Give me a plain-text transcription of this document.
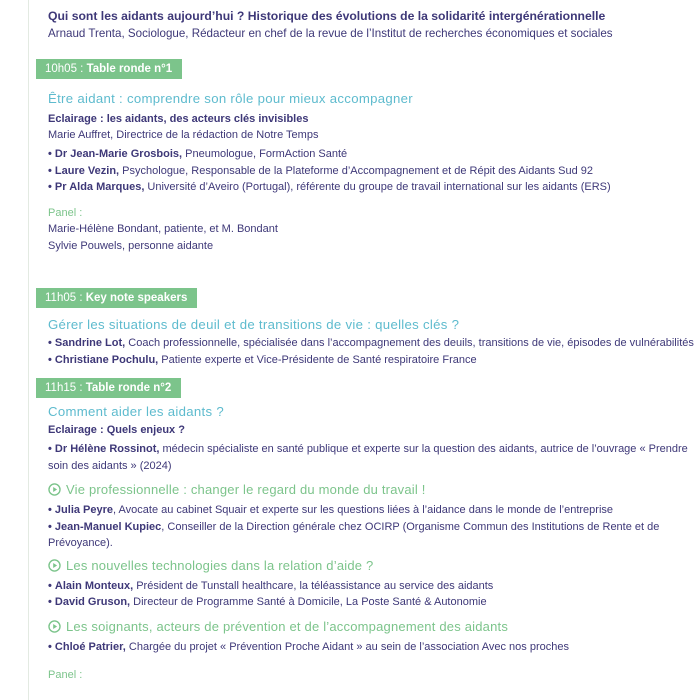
Qui sont les aidants aujourd’hui ? Historique des évolutions de la solidarité intergénérationnelle

Arnaud Trenta, Sociologue, Rédacteur en chef de la revue de l’Institut de recherches économiques et sociales

10h05 : Table ronde n°1
Être aidant : comprendre son rôle pour mieux accompagner

Eclairage : les aidants, des acteurs clés invisibles
Marie Auffret, Directrice de la rédaction de Notre Temps

• Dr Jean-Marie Grosbois, Pneumologue, FormAction Santé
• Laure Vezin, Psychologue, Responsable de la Plateforme d’Accompagnement et de Répit des Aidants Sud 92
• Pr Alda Marques, Université d’Aveiro (Portugal), référente du groupe de travail international sur les aidants (ERS)

Panel :

Marie-Hélène Bondant, patiente, et M. Bondant

Sylvie Pouwels, personne aidante

11h05 : Key note speakers
Gérer les situations de deuil et de transitions de vie : quelles clés ?
• Sandrine Lot, Coach professionnelle, spécialisée dans l’accompagnement des deuils, transitions de vie, épisodes de vulnérabilités
• Christiane Pochulu, Patiente experte et Vice-Présidente de Santé respiratoire France
11h15 : Table ronde n°2
Comment aider les aidants ?

Eclairage : Quels enjeux ?

• Dr Hélène Rossinot, médecin spécialiste en santé publique et experte sur la question des aidants, autrice de l’ouvrage « Prendre soin des aidants » (2024)
Vie professionnelle : changer le regard du monde du travail !
• Julia Peyre, Avocate au cabinet Squair et experte sur les questions liées à l’aidance dans le monde de l’entreprise
• Jean-Manuel Kupiec, Conseiller de la Direction générale chez OCIRP (Organisme Commun des Institutions de Rente et de Prévoyance).
Les nouvelles technologies dans la relation d’aide ?
• Alain Monteux, Président de Tunstall healthcare, la téléassistance au service des aidants
• David Gruson, Directeur de Programme Santé à Domicile, La Poste Santé & Autonomie
Les soignants, acteurs de prévention et de l’accompagnement des aidants
• Chloé Patrier, Chargée du projet « Prévention Proche Aidant » au sein de l’association Avec nos proches

Panel :
